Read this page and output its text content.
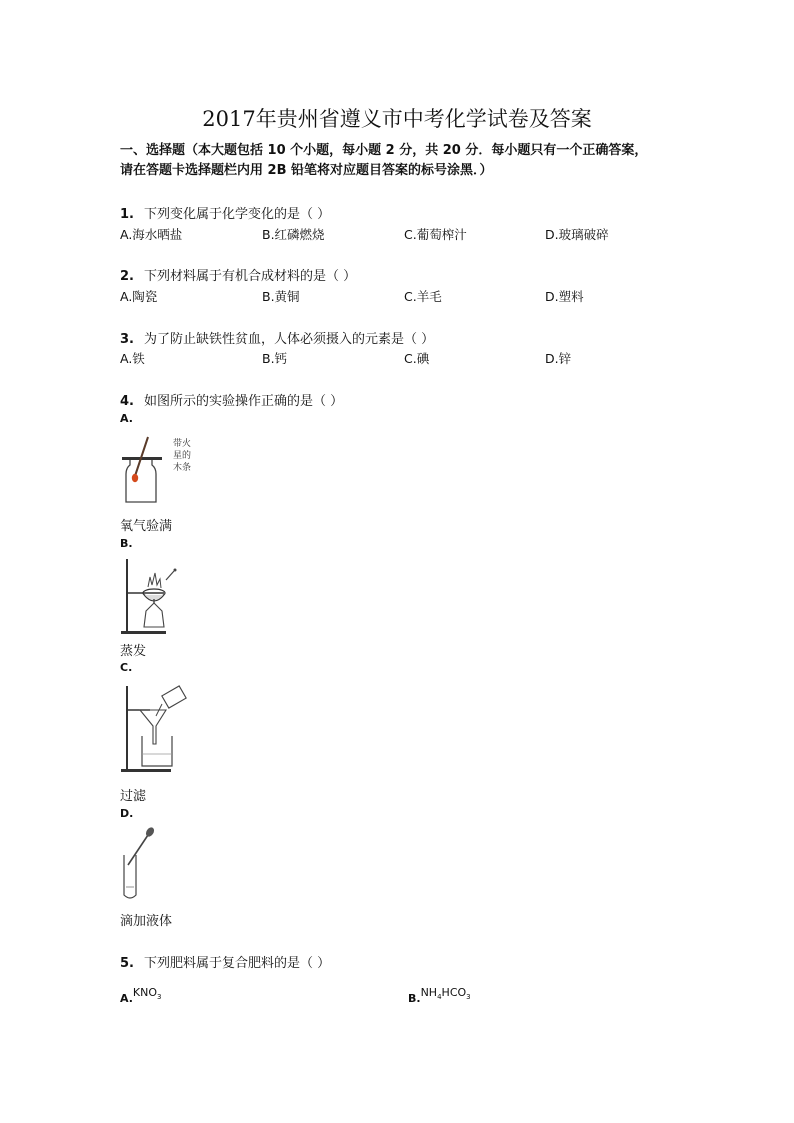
2017年贵州省遵义市中考化学试卷及答案
一、选择题（本大题包括 10 个小题，每小题 2 分，共 20 分．每小题只有一个正确答案，
请在答题卡选择题栏内用 2B 铅笔将对应题目答案的标号涂黑．）
1. 下列变化属于化学变化的是（ ）
A.海水晒盐	B.红磷燃烧	C.葡萄榨汁	D.玻璃破碎
2. 下列材料属于有机合成材料的是（ ）
A.陶瓷	B.黄铜	C.羊毛	D.塑料
3. 为了防止缺铁性贫血，人体必须摄入的元素是（ ）
A.铁	B.钙	C.碘	D.锌
4. 如图所示的实验操作正确的是（ ）
A.
带火
星的
木条
氧气验满
B.
蒸发
C.
过滤
D.
滴加液体
5. 下列肥料属于复合肥料的是（ ）
$_{A.}KNO_3$	$_{B.}NH_4HCO_3$
